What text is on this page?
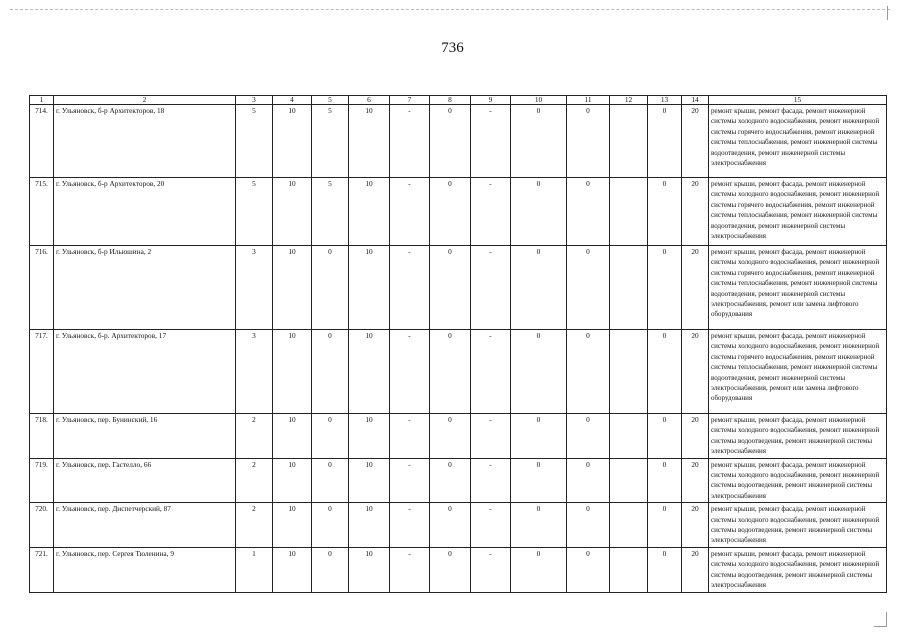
736
1	2	3	4	5	6	7	8	9	10	11	12	13	14	15
714.	г. Ульяновск, б-р Архитекторов, 18	5	10	5	10	-	0	-	0	0		0	20	ремонт крыши, ремонт фасада, ремонт инженерной системы холодного водоснабжения, ремонт инженерной системы горячего водоснабжения, ремонт инженерной системы теплоснабжения, ремонт инженерной системы водоотведения, ремонт инженерной системы электроснабжения
715.	г. Ульяновск, б-р Архитекторов, 20	5	10	5	10	-	0	-	0	0		0	20	ремонт крыши, ремонт фасада, ремонт инженерной системы холодного водоснабжения, ремонт инженерной системы горячего водоснабжения, ремонт инженерной системы теплоснабжения, ремонт инженерной системы водоотведения, ремонт инженерной системы электроснабжения
716.	г. Ульяновск, б-р Ильюшина, 2	3	10	0	10	-	0	-	0	0		0	20	ремонт крыши, ремонт фасада, ремонт инженерной системы холодного водоснабжения, ремонт инженерной системы горячего водоснабжения, ремонт инженерной системы теплоснабжения, ремонт инженерной системы водоотведения, ремонт инженерной системы электроснабжения, ремонт или замена лифтового оборудования
717.	г. Ульяновск, б-р. Архитекторов, 17	3	10	0	10	-	0	-	0	0		0	20	ремонт крыши, ремонт фасада, ремонт инженерной системы холодного водоснабжения, ремонт инженерной системы горячего водоснабжения, ремонт инженерной системы теплоснабжения, ремонт инженерной системы водоотведения, ремонт инженерной системы электроснабжения, ремонт или замена лифтового оборудования
718.	г. Ульяновск, пер. Бунинский, 16	2	10	0	10	-	0	-	0	0		0	20	ремонт крыши, ремонт фасада, ремонт инженерной системы холодного водоснабжения, ремонт инженерной системы водоотведения, ремонт инженерной системы электроснабжения
719.	г. Ульяновск, пер. Гастелло, 66	2	10	0	10	-	0	-	0	0		0	20	ремонт крыши, ремонт фасада, ремонт инженерной системы холодного водоснабжения, ремонт инженерной системы водоотведения, ремонт инженерной системы электроснабжения
720.	г. Ульяновск, пер. Диспетчерский, 87	2	10	0	10	-	0	-	0	0		0	20	ремонт крыши, ремонт фасада, ремонт инженерной системы холодного водоснабжения, ремонт инженерной системы водоотведения, ремонт инженерной системы электроснабжения
721.	г. Ульяновск, пер. Сергея Тюленина, 9	1	10	0	10	-	0	-	0	0		0	20	ремонт крыши, ремонт фасада, ремонт инженерной системы холодного водоснабжения, ремонт инженерной системы водоотведения, ремонт инженерной системы электроснабжения
